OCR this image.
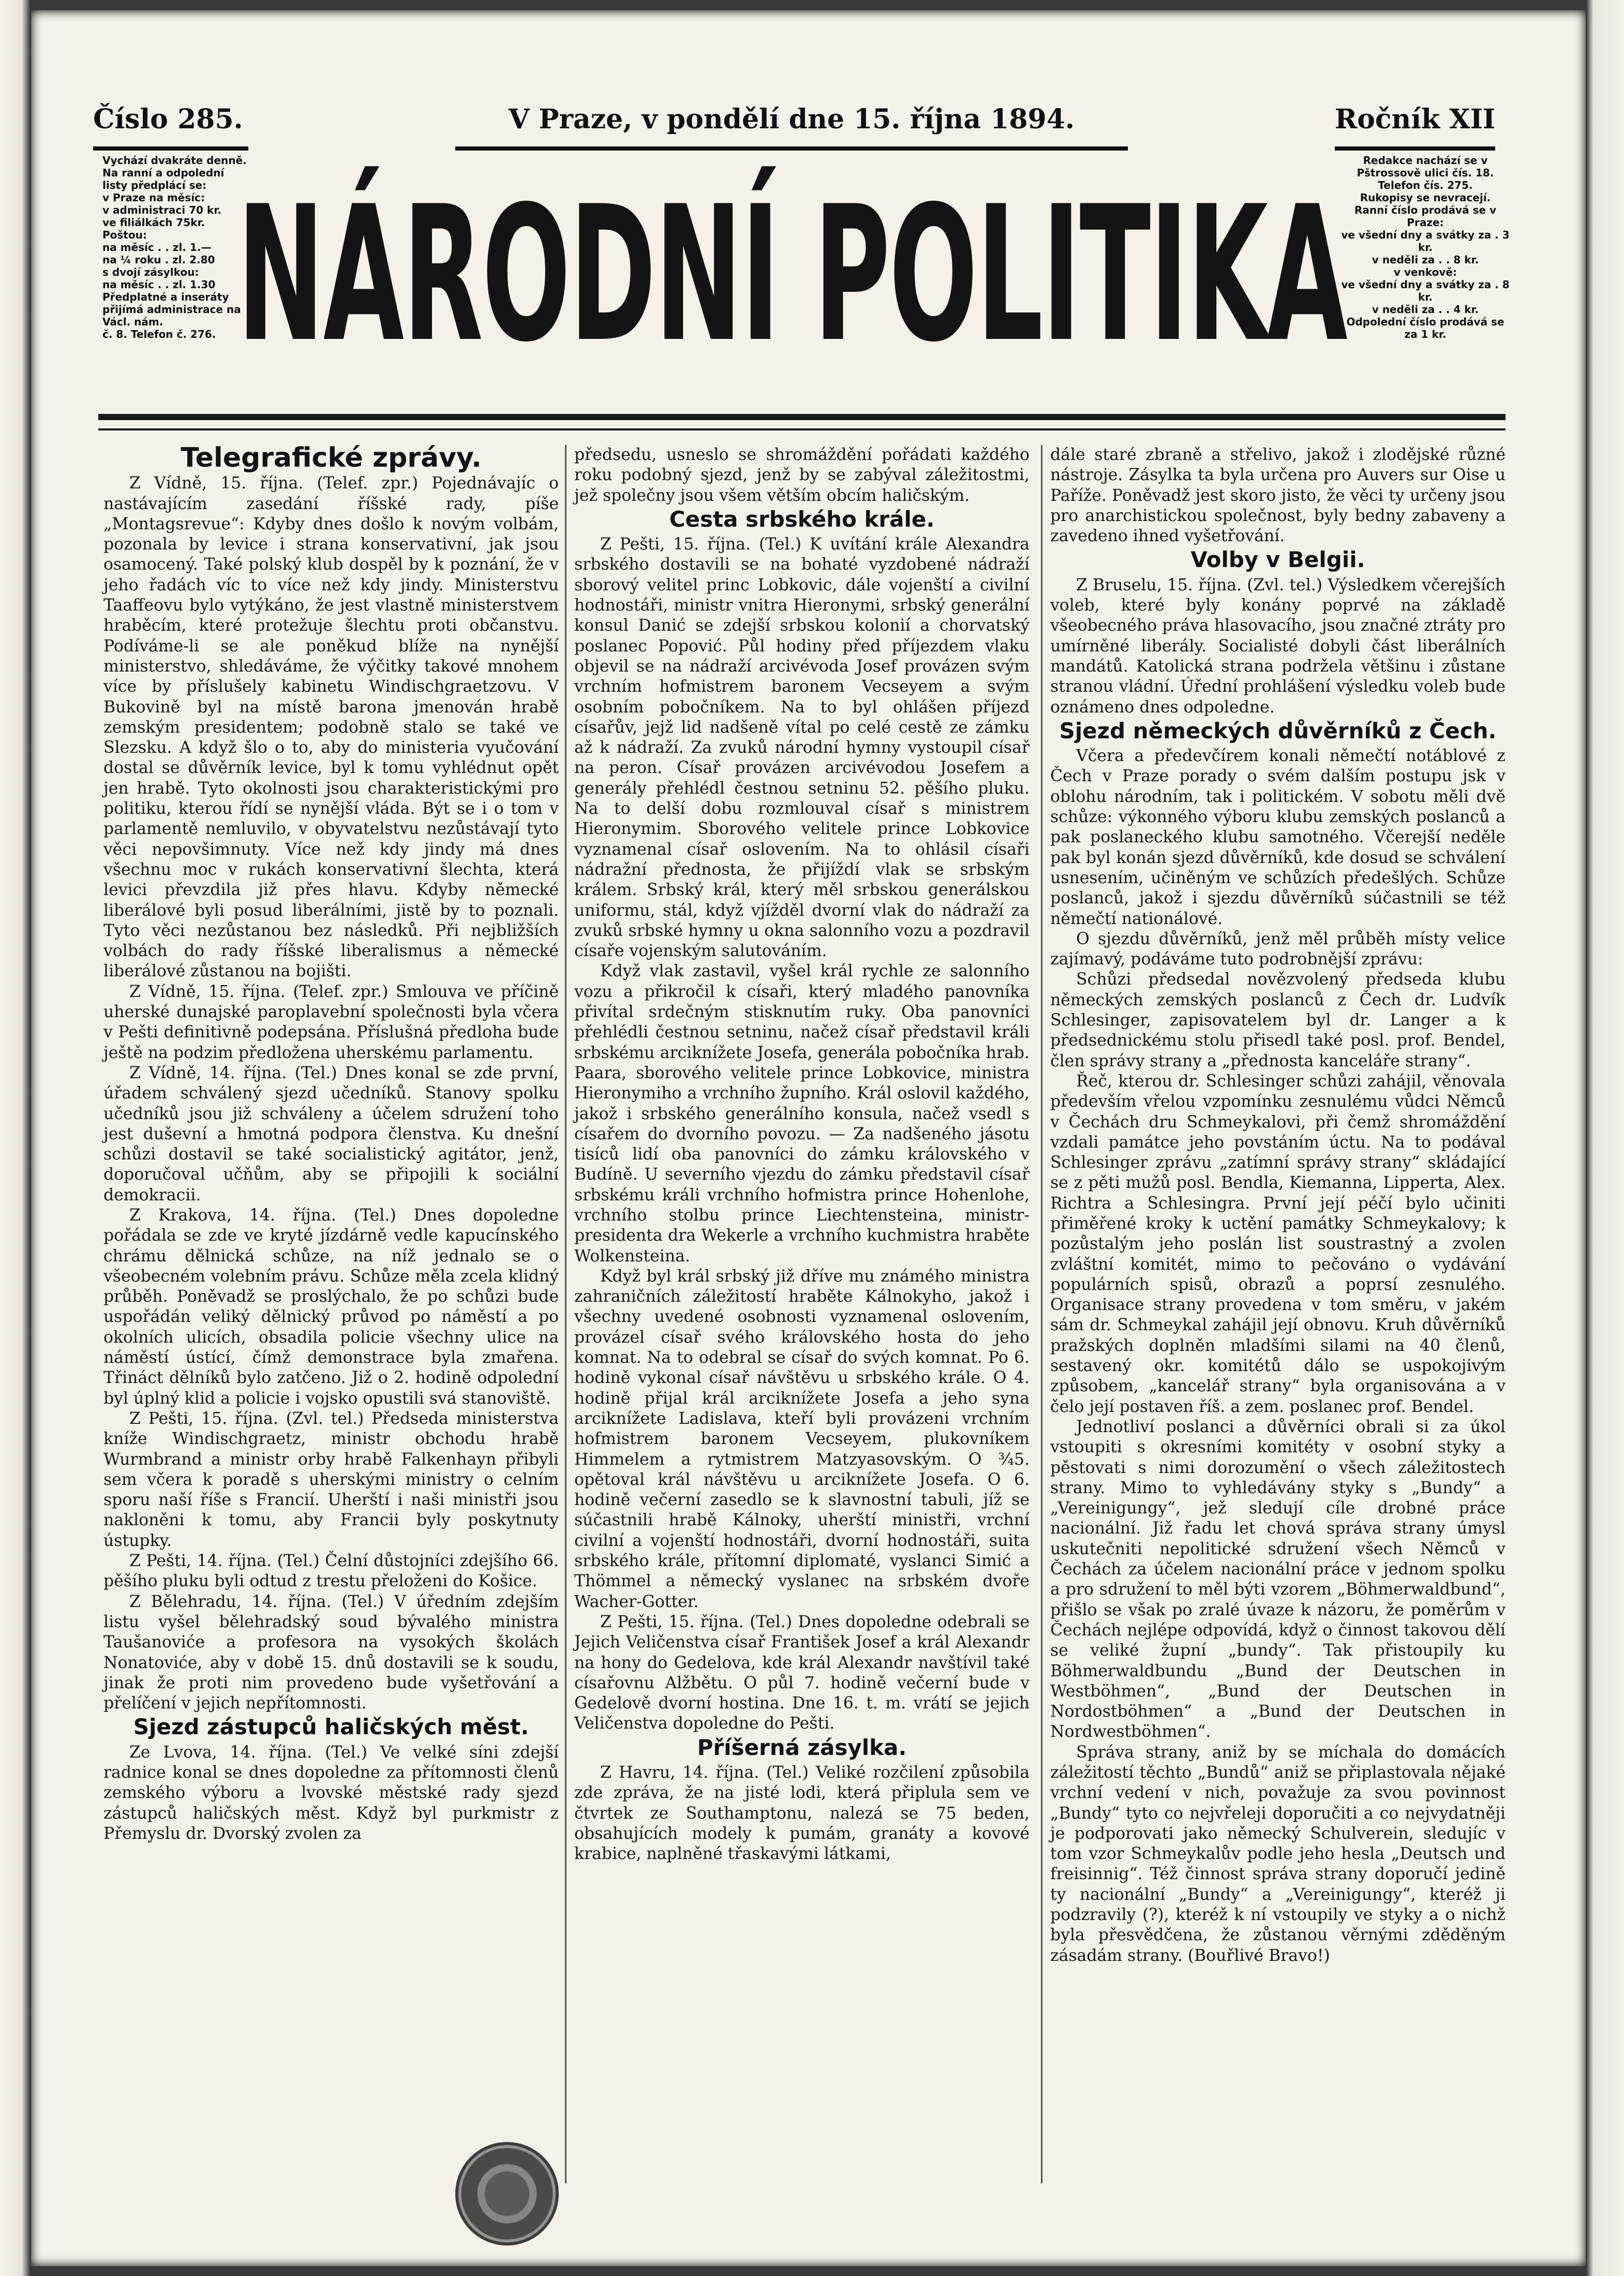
Číslo 285.	V Praze, v pondělí dne 15. října 1894.	Ročník XII
Vychází dvakráte denně.
Na ranní a odpolední listy předplácí se:
v Praze na měsíc:
v administraci 70 kr.
ve filiálkách 75kr.
Poštou:
na měsíc . . zl. 1.—
na ¼ roku . zl. 2.80
s dvojí zásylkou:
na měsíc . . zl. 1.30
Předplatné a inseráty přijímá administrace na Václ. nám.
č. 8. Telefon č. 276.
Redakce nachází se v Pštrossově ulici čís. 18.
Telefon čís. 275.
Rukopisy se nevracejí.
Ranní číslo prodává se v Praze:
ve všední dny a svátky za . 3 kr.
v neděli za . . 8 kr.
v venkově:
ve všední dny a svátky za . 8 kr.
v neděli za . . 4 kr.
Odpolední číslo prodává se za 1 kr.
NÁRODNÍ POLITIKA
Telegrafické zprávy.

Z Vídně, 15. října. (Telef. zpr.) Pojednávajíc o nastávajícím zasedání říšské rady, píše „Montagsrevue“: Kdyby dnes došlo k novým volbám, pozonala by levice i strana konservativní, jak jsou osamocený. Také polský klub dospěl by k poznání, že v jeho řadách víc to více než kdy jindy. Ministerstvu Taaffeovu bylo vytýkáno, že jest vlastně ministerstvem hraběcím, které protežuje šlechtu proti občanstvu. Podíváme-li se ale poněkud blíže na nynější ministerstvo, shledáváme, že výčitky takové mnohem více by příslušely kabinetu Windischgraetzovu. V Bukovině byl na místě barona jmenován hrabě zemským presidentem; podobně stalo se také ve Slezsku. A když šlo o to, aby do ministeria vyučování dostal se důvěrník levice, byl k tomu vyhlédnut opět jen hrabě. Tyto okolnosti jsou charakteristickými pro politiku, kterou řídí se nynější vláda. Být se i o tom v parlamentě nemluvilo, v obyvatelstvu nezůstávají tyto věci nepovšimnuty. Více než kdy jindy má dnes všechnu moc v rukách konservativní šlechta, která levici převzdila již přes hlavu. Kdyby německé liberálové byli posud liberálními, jistě by to poznali. Tyto věci nezůstanou bez následků. Při nejbližších volbách do rady říšské liberalismus a německé liberálové zůstanou na bojišti.

Z Vídně, 15. října. (Telef. zpr.) Smlouva ve příčině uherské dunajské paroplavební společnosti byla včera v Pešti definitivně podepsána. Příslušná předloha bude ještě na podzim předložena uherskému parlamentu.

Z Vídně, 14. října. (Tel.) Dnes konal se zde první, úřadem schválený sjezd učedníků. Stanovy spolku učedníků jsou již schváleny a účelem sdružení toho jest duševní a hmotná podpora členstva. Ku dnešní schůzi dostavil se také socialistický agitátor, jenž, doporučoval učňům, aby se připojili k sociální demokracii.

Z Krakova, 14. října. (Tel.) Dnes dopoledne pořádala se zde ve kryté jízdárně vedle kapucínského chrámu dělnická schůze, na níž jednalo se o všeobecném volebním právu. Schůze měla zcela klidný průběh. Poněvadž se proslýchalo, že po schůzi bude uspořádán veliký dělnický průvod po náměstí a po okolních ulicích, obsadila policie všechny ulice na náměstí ústící, čímž demonstrace byla zmařena. Třináct dělníků bylo zatčeno. Již o 2. hodině odpolední byl úplný klid a policie i vojsko opustili svá stanoviště.

Z Pešti, 15. října. (Zvl. tel.) Předseda ministerstva kníže Windischgraetz, ministr obchodu hrabě Wurmbrand a ministr orby hrabě Falkenhayn přibyli sem včera k poradě s uherskými ministry o celním sporu naší říše s Francií. Uherští i naši ministři jsou nakloněni k tomu, aby Francii byly poskytnuty ústupky.

Z Pešti, 14. října. (Tel.) Čelní důstojníci zdejšího 66. pěšího pluku byli odtud z trestu přeloženi do Košice.

Z Bělehradu, 14. října. (Tel.) V úředním zdejším listu vyšel bělehradský soud bývalého ministra Taušanoviće a profesora na vysokých školách Nonatoviće, aby v době 15. dnů dostavili se k soudu, jinak že proti nim provedeno bude vyšetřování a přelíčení v jejich nepřítomnosti.

Sjezd zástupců haličských měst.

Ze Lvova, 14. října. (Tel.) Ve velké síni zdejší radnice konal se dnes dopoledne za přítomnosti členů zemského výboru a lvovské městské rady sjezd zástupců haličských měst. Když byl purkmistr z Přemyslu dr. Dvorský zvolen za

předsedu, usneslo se shromáždění pořádati každého roku podobný sjezd, jenž by se zabýval záležitostmi, jež společny jsou všem větším obcím haličským.

Cesta srbského krále.

Z Pešti, 15. října. (Tel.) K uvítání krále Alexandra srbského dostavili se na bohaté vyzdobené nádraží sborový velitel princ Lobkovic, dále vojenští a civilní hodnostáři, ministr vnitra Hieronymi, srbský generální konsul Danić se zdejší srbskou kolonií a chorvatský poslanec Popović. Půl hodiny před příjezdem vlaku objevil se na nádraží arcivévoda Josef provázen svým vrchním hofmistrem baronem Vecseyem a svým osobním pobočníkem. Na to byl ohlášen příjezd císařův, jejž lid nadšeně vítal po celé cestě ze zámku až k nádraží. Za zvuků národní hymny vystoupil císař na peron. Císař provázen arcivévodou Josefem a generály přehlédl čestnou setninu 52. pěšího pluku. Na to delší dobu rozmlouval císař s ministrem Hieronymim. Sborového velitele prince Lobkovice vyznamenal císař oslovením. Na to ohlásil císaři nádražní přednosta, že přijíždí vlak se srbským králem. Srbský král, který měl srbskou generálskou uniformu, stál, když vjížděl dvorní vlak do nádraží za zvuků srbské hymny u okna salonního vozu a pozdravil císaře vojenským salutováním.

Když vlak zastavil, vyšel král rychle ze salonního vozu a přikročil k císaři, který mladého panovníka přivítal srdečným stisknutím ruky. Oba panovníci přehlédli čestnou setninu, načež císař představil králi srbskému arciknížete Josefa, generála pobočníka hrab. Paara, sborového velitele prince Lobkovice, ministra Hieronymiho a vrchního župního. Král oslovil každého, jakož i srbského generálního konsula, načež vsedl s císařem do dvorního povozu. — Za nadšeného jásotu tisíců lidí oba panovníci do zámku královského v Budíně. U severního vjezdu do zámku představil císař srbskému králi vrchního hofmistra prince Hohenlohe, vrchního stolbu prince Liechtensteina, ministr-presidenta dra Wekerle a vrchního kuchmistra hraběte Wolkensteina.

Když byl král srbský již dříve mu známého ministra zahraničních záležitostí hraběte Kálnokyho, jakož i všechny uvedené osobnosti vyznamenal oslovením, provázel císař svého královského hosta do jeho komnat. Na to odebral se císař do svých komnat. Po 6. hodině vykonal císař návštěvu u srbského krále. O 4. hodině přijal král arciknížete Josefa a jeho syna arciknížete Ladislava, kteří byli provázeni vrchním hofmistrem baronem Vecseyem, plukovníkem Himmelem a rytmistrem Matzyasovským. O ¾5. opětoval král návštěvu u arciknížete Josefa. O 6. hodině večerní zasedlo se k slavnostní tabuli, jíž se súčastnili hrabě Kálnoky, uherští ministři, vrchní civilní a vojenští hodnostáři, dvorní hodnostáři, suita srbského krále, přítomní diplomaté, vyslanci Simić a Thömmel a německý vyslanec na srbském dvoře Wacher-Gotter.

Z Pešti, 15. října. (Tel.) Dnes dopoledne odebrali se Jejich Veličenstva císař František Josef a král Alexandr na hony do Gedelova, kde král Alexandr navštívil také císařovnu Alžbětu. O půl 7. hodině večerní bude v Gedelově dvorní hostina. Dne 16. t. m. vrátí se jejich Veličenstva dopoledne do Pešti.

Příšerná zásylka.

Z Havru, 14. října. (Tel.) Veliké rozčilení způsobila zde zpráva, že na jisté lodi, která připlula sem ve čtvrtek ze Southamptonu, nalezá se 75 beden, obsahujících modely k pumám, granáty a kovové krabice, naplněné třaskavými látkami,

dále staré zbraně a střelivo, jakož i zlodějské různé nástroje. Zásylka ta byla určena pro Auvers sur Oise u Paříže. Poněvadž jest skoro jisto, že věci ty určeny jsou pro anarchistickou společnost, byly bedny zabaveny a zavedeno ihned vyšetřování.

Volby v Belgii.

Z Bruselu, 15. října. (Zvl. tel.) Výsledkem včerejších voleb, které byly konány poprvé na základě všeobecného práva hlasovacího, jsou značné ztráty pro umírněné liberály. Socialisté dobyli část liberálních mandátů. Katolická strana podržela většinu i zůstane stranou vládní. Úřední prohlášení výsledku voleb bude oznámeno dnes odpoledne.

Sjezd německých důvěrníků z Čech.

Včera a předevčírem konali němečtí notáblové z Čech v Praze porady o svém dalším postupu jsk v oblohu národním, tak i politickém. V sobotu měli dvě schůze: výkonného výboru klubu zemských poslanců a pak poslaneckého klubu samotného. Včerejší neděle pak byl konán sjezd důvěrníků, kde dosud se schválení usnesením, učiněným ve schůzích předešlých. Schůze poslanců, jakož i sjezdu důvěrníků súčastnili se též němečtí nationálové.

O sjezdu důvěrníků, jenž měl průběh místy velice zajímavý, podáváme tuto podrobnější zprávu:

Schůzi předsedal novězvolený předseda klubu německých zemských poslanců z Čech dr. Ludvík Schlesinger, zapisovatelem byl dr. Langer a k předsednickému stolu přisedl také posl. prof. Bendel, člen správy strany a „přednosta kanceláře strany“.

Řeč, kterou dr. Schlesinger schůzi zahájil, věnovala především vřelou vzpomínku zesnulému vůdci Němců v Čechách dru Schmeykalovi, při čemž shromáždění vzdali památce jeho povstáním úctu. Na to podával Schlesinger zprávu „zatímní správy strany“ skládající se z pěti mužů posl. Bendla, Kiemanna, Lipperta, Alex. Richtra a Schlesingra. První její péčí bylo učiniti přiměřené kroky k uctění památky Schmeykalovy; k pozůstalým jeho poslán list soustrastný a zvolen zvláštní komitét, mimo to pečováno o vydávání populárních spisů, obrazů a poprsí zesnulého. Organisace strany provedena v tom směru, v jakém sám dr. Schmeykal zahájil její obnovu. Kruh důvěrníků pražských doplněn mladšími silami na 40 členů, sestavený okr. komitétů dálo se uspokojivým způsobem, „kancelář strany“ byla organisována a v čelo její postaven říš. a zem. poslanec prof. Bendel.

Jednotliví poslanci a důvěrníci obrali si za úkol vstoupiti s okresními komitéty v osobní styky a pěstovati s nimi dorozumění o všech záležitostech strany. Mimo to vyhledávány styky s „Bundy“ a „Vereinigungy“, jež sledují cíle drobné práce nacionální. Již řadu let chová správa strany úmysl uskutečniti nepolitické sdružení všech Němců v Čechách za účelem nacionální práce v jednom spolku a pro sdružení to měl býti vzorem „Böhmerwaldbund“, přišlo se však po zralé úvaze k názoru, že poměrům v Čechách nejlépe odpovídá, když o činnost takovou dělí se veliké župní „bundy“. Tak přistoupily ku Böhmerwaldbundu „Bund der Deutschen in Westböhmen“, „Bund der Deutschen in Nordostböhmen“ a „Bund der Deutschen in Nordwestböhmen“.

Správa strany, aniž by se míchala do domácích záležitostí těchto „Bundů“ aniž se připlastovala nějaké vrchní vedení v nich, považuje za svou povinnost „Bundy“ tyto co nejvřeleji doporučiti a co nejvydatněji je podporovati jako německý Schulverein, sledujíc v tom vzor Schmeykalův podle jeho hesla „Deutsch und freisinnig“. Též činnost správa strany doporučí jedině ty nacionální „Bundy“ a „Vereinigungy“, kteréž ji podzravily (?), kteréž k ní vstoupily ve styky a o nichž byla přesvědčena, že zůstanou věrnými zděděným zásadám strany. (Bouřlivé Bravo!)
